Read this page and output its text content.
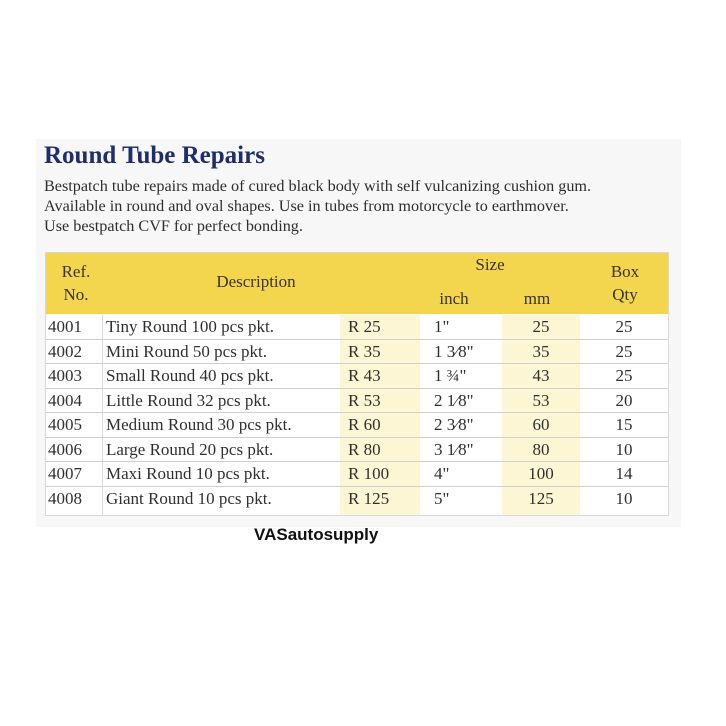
Round Tube Repairs
Bestpatch tube repairs made of cured black body with self vulcanizing cushion gum.
Available in round and oval shapes. Use in tubes from motorcycle to earthmover.
Use bestpatch CVF for perfect bonding.
Ref.
No.
Description
Size
inch	mm
Box
Qty
4001	Tiny Round 100 pcs pkt.	R 25	1"	25	25
4002	Mini Round 50 pcs pkt.	R 35	1 3⁄8"	35	25
4003	Small Round 40 pcs pkt.	R 43	1 ¾"	43	25
4004	Little Round 32 pcs pkt.	R 53	2 1⁄8"	53	20
4005	Medium Round 30 pcs pkt.	R 60	2 3⁄8"	60	15
4006	Large Round 20 pcs pkt.	R 80	3 1⁄8"	80	10
4007	Maxi Round 10 pcs pkt.	R 100	4"	100	14
4008	Giant Round 10 pcs pkt.	R 125	5"	125	10
VASautosupply
